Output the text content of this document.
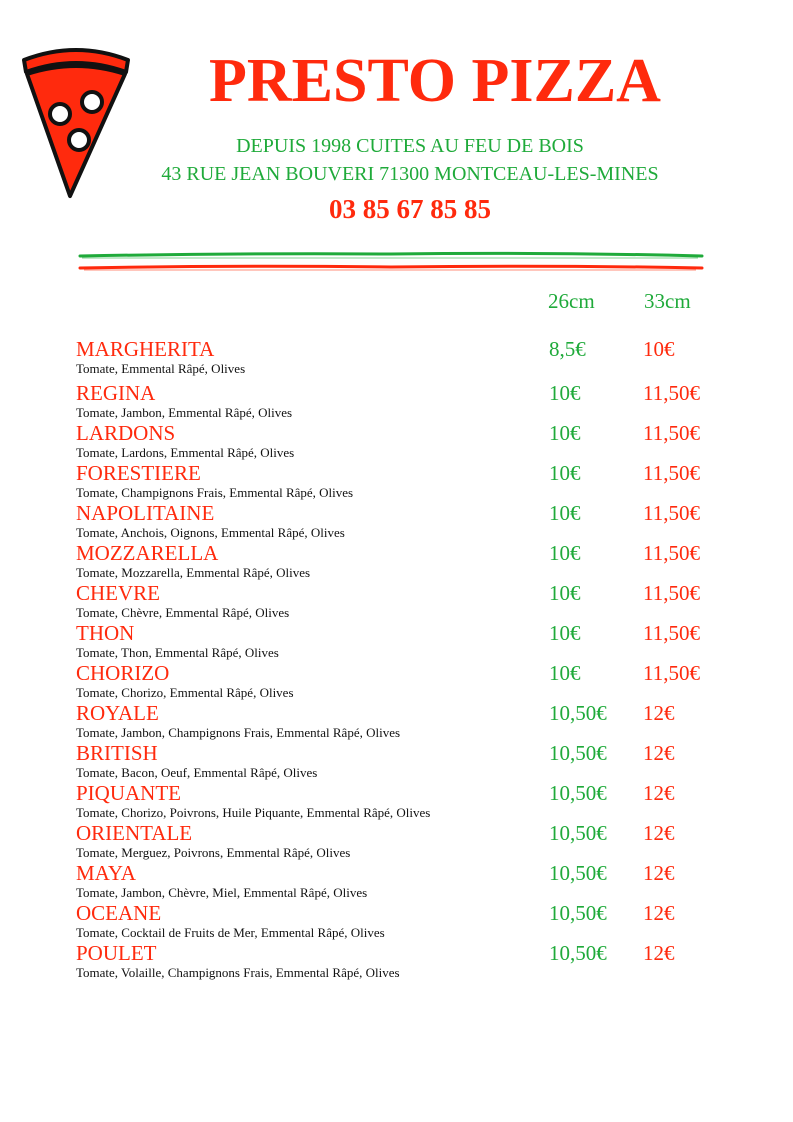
PRESTO PIZZA
DEPUIS 1998 CUITES AU FEU DE BOIS
43 RUE JEAN BOUVERI 71300 MONTCEAU-LES-MINES
03 85 67 85 85
26cm 33cm
MARGHERITA
Tomate, Emmental Râpé, Olives
8,5€	10€
REGINA
Tomate, Jambon, Emmental Râpé, Olives
10€	11,50€
LARDONS
Tomate, Lardons, Emmental Râpé, Olives
10€	11,50€
FORESTIERE
Tomate, Champignons Frais, Emmental Râpé, Olives
10€	11,50€
NAPOLITAINE
Tomate, Anchois, Oignons, Emmental Râpé, Olives
10€	11,50€
MOZZARELLA
Tomate, Mozzarella, Emmental Râpé, Olives
10€	11,50€
CHEVRE
Tomate, Chèvre, Emmental Râpé, Olives
10€	11,50€
THON
Tomate, Thon, Emmental Râpé, Olives
10€	11,50€
CHORIZO
Tomate, Chorizo, Emmental Râpé, Olives
10€	11,50€
ROYALE
Tomate, Jambon, Champignons Frais, Emmental Râpé, Olives
10,50€ 12€
BRITISH
Tomate, Bacon, Oeuf, Emmental Râpé, Olives
10,50€ 12€
PIQUANTE
Tomate, Chorizo, Poivrons, Huile Piquante, Emmental Râpé, Olives
10,50€ 12€
ORIENTALE
Tomate, Merguez, Poivrons, Emmental Râpé, Olives
10,50€ 12€
MAYA
Tomate, Jambon, Chèvre, Miel, Emmental Râpé, Olives
10,50€ 12€
OCEANE
Tomate, Cocktail de Fruits de Mer, Emmental Râpé, Olives
10,50€ 12€
POULET
Tomate, Volaille, Champignons Frais, Emmental Râpé, Olives
10,50€ 12€
